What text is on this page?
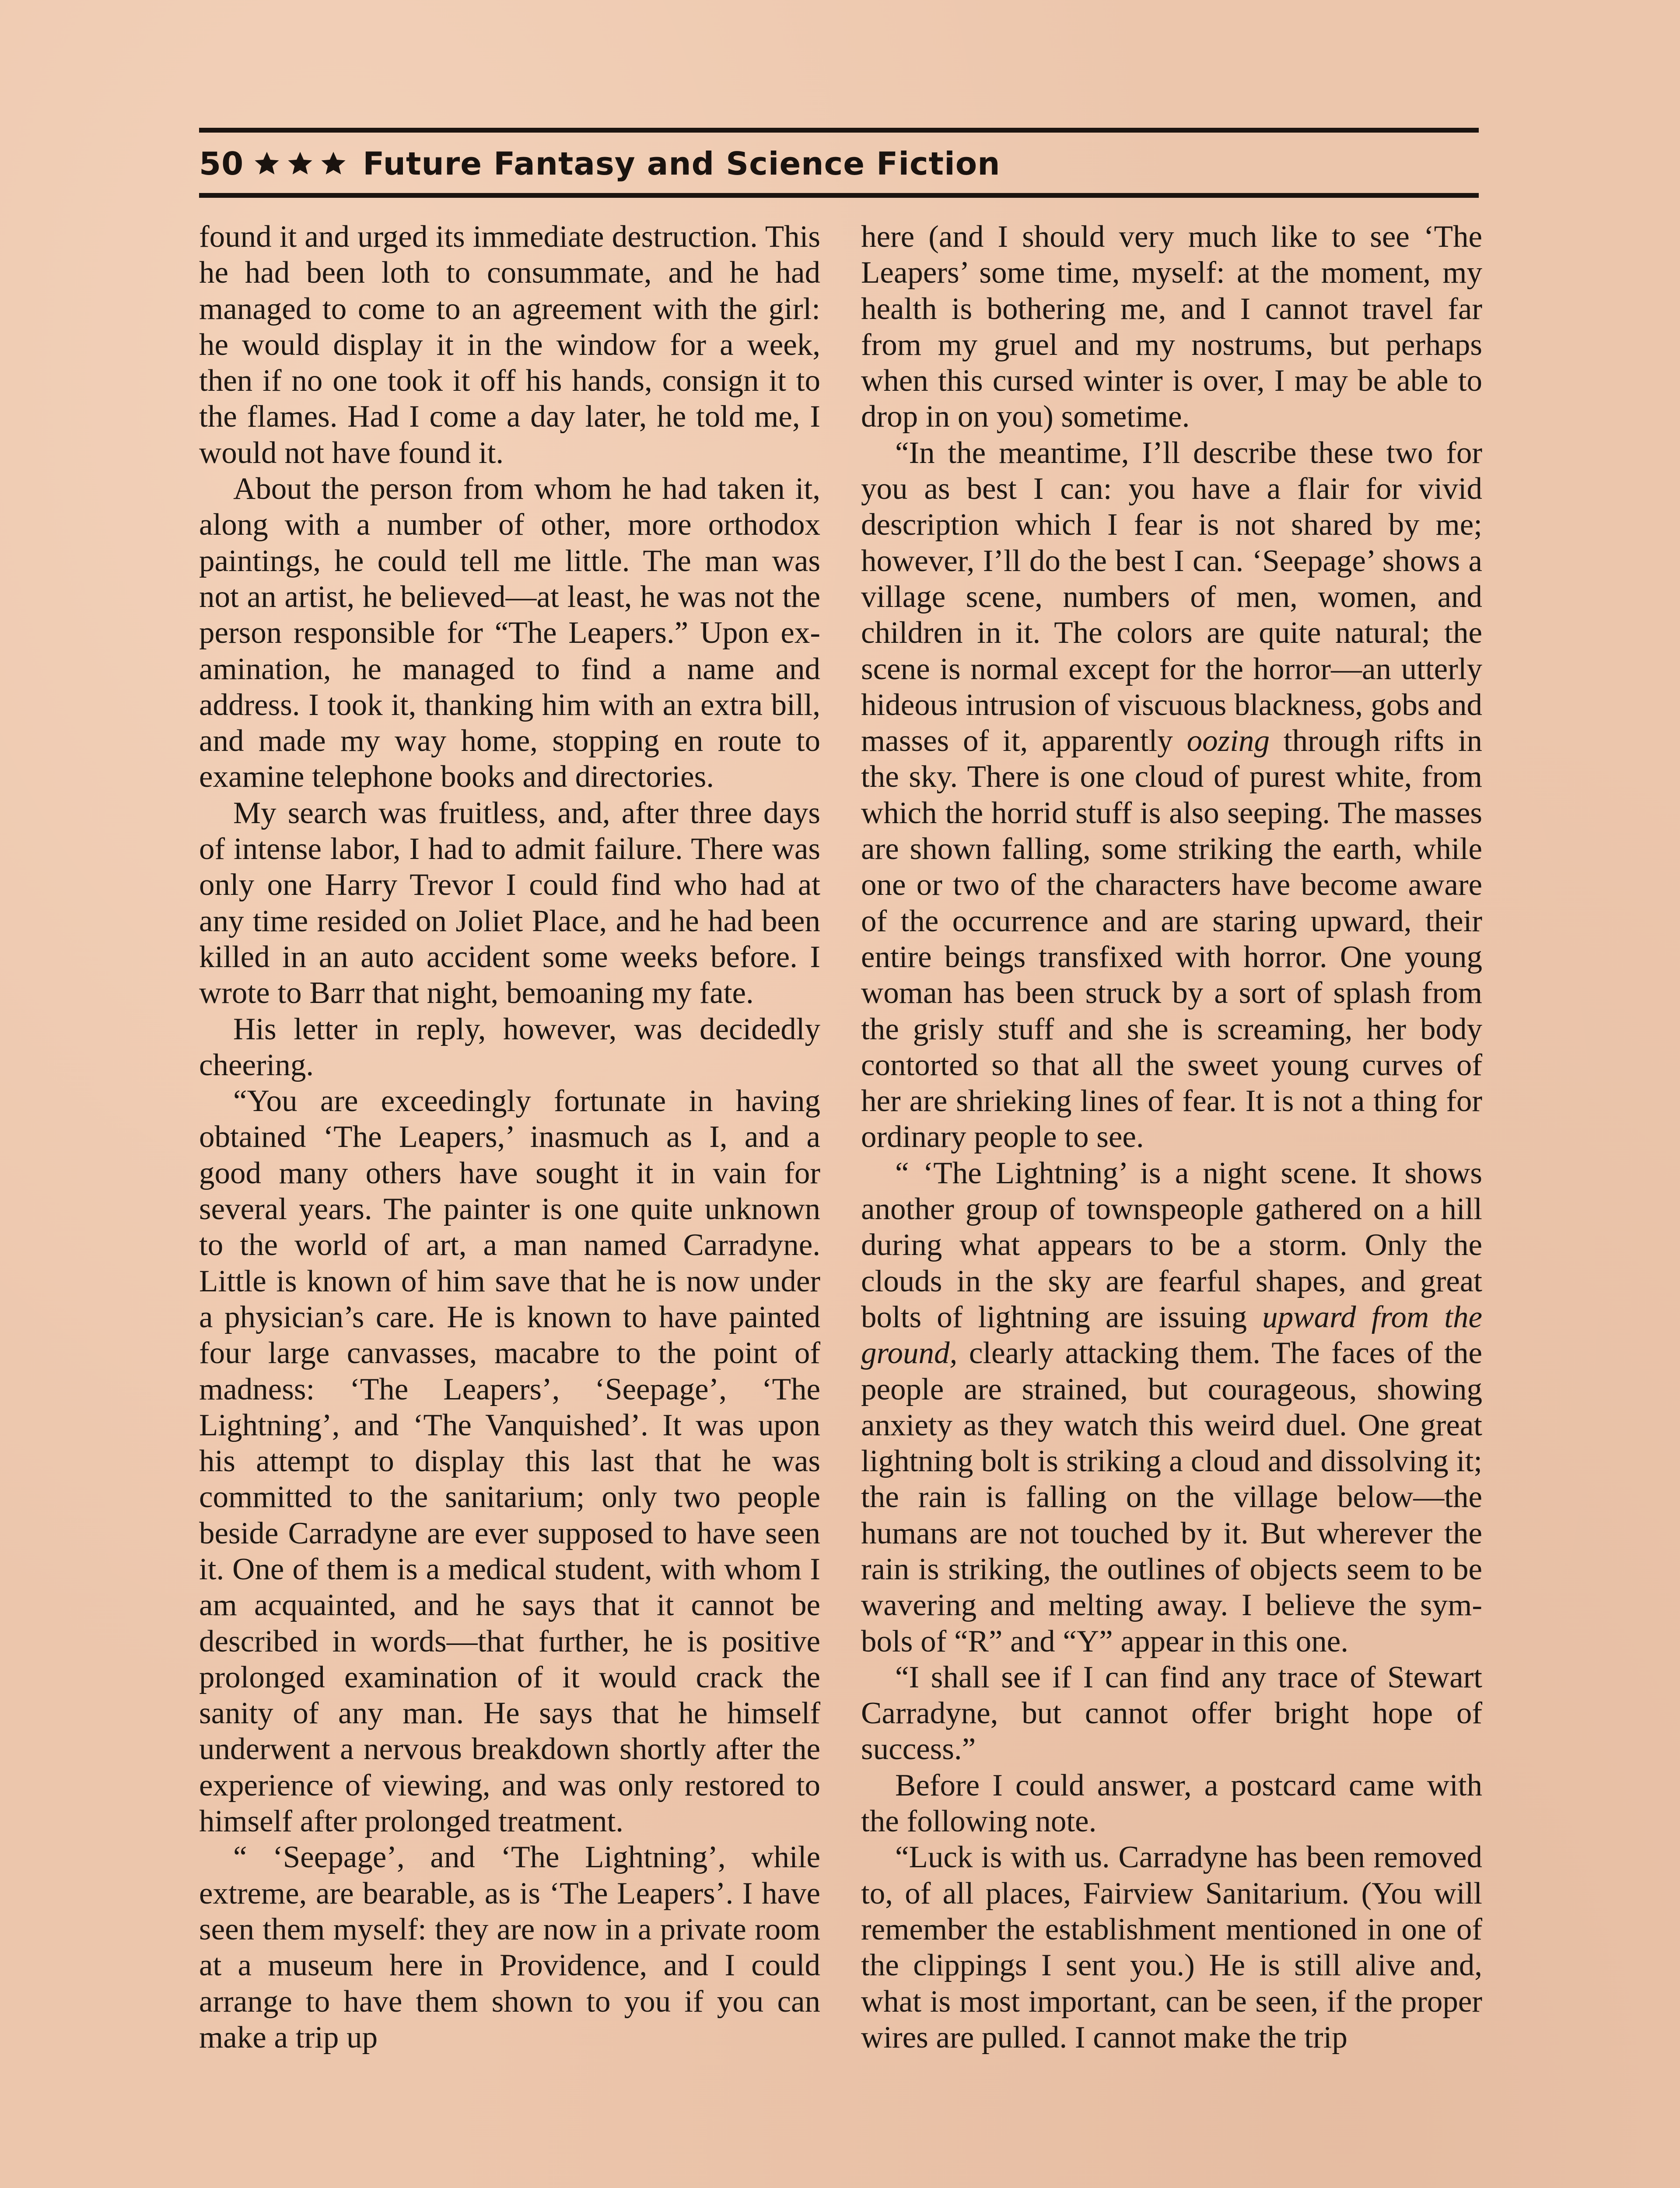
50	Future Fantasy and Science Fiction

found it and urged its immediate destruction. This he had been loth to consummate, and he had managed to come to an agreement with the girl: he would display it in the window for a week, then if no one took it off his hands, consign it to the flames. Had I come a day later, he told me, I would not have found it.

About the person from whom he had taken it, along with a number of other, more orthodox paintings, he could tell me little. The man was not an artist, he believed—at least, he was not the person responsible for “The Leapers.” Upon examination, he managed to find a name and address. I took it, thanking him with an extra bill, and made my way home, stopping en route to examine telephone books and directories.

My search was fruitless, and, after three days of intense labor, I had to admit failure. There was only one Harry Trevor I could find who had at any time resided on Joliet Place, and he had been killed in an auto accident some weeks before. I wrote to Barr that night, bemoaning my fate.

His letter in reply, however, was decidedly cheering.

“You are exceedingly fortunate in having obtained ‘The Leapers,’ inasmuch as I, and a good many others have sought it in vain for several years. The painter is one quite unknown to the world of art, a man named Carradyne. Little is known of him save that he is now under a physician’s care. He is known to have painted four large canvasses, macabre to the point of madness: ‘The Leapers’, ‘Seepage’, ‘The Lightning’, and ‘The Vanquished’. It was upon his attempt to display this last that he was committed to the sanitarium; only two people beside Carradyne are ever supposed to have seen it. One of them is a medical student, with whom I am acquainted, and he says that it cannot be described in words—that further, he is positive prolonged examination of it would crack the sanity of any man. He says that he himself underwent a nervous breakdown shortly after the experience of viewing, and was only restored to himself after prolonged treatment.

“ ‘Seepage’, and ‘The Lightning’, while extreme, are bearable, as is ‘The Leapers’. I have seen them myself: they are now in a private room at a museum here in Providence, and I could arrange to have them shown to you if you can make a trip up

here (and I should very much like to see ‘The Leapers’ some time, myself: at the moment, my health is bothering me, and I cannot travel far from my gruel and my nostrums, but perhaps when this cursed winter is over, I may be able to drop in on you) sometime.

“In the meantime, I’ll describe these two for you as best I can: you have a flair for vivid description which I fear is not shared by me; however, I’ll do the best I can. ‘Seepage’ shows a village scene, numbers of men, women, and children in it. The colors are quite natural; the scene is normal except for the horror—an utterly hideous intrusion of viscuous blackness, gobs and masses of it, apparently oozing through rifts in the sky. There is one cloud of purest white, from which the horrid stuff is also seeping. The masses are shown falling, some striking the earth, while one or two of the characters have become aware of the occurrence and are staring upward, their entire beings transfixed with horror. One young woman has been struck by a sort of splash from the grisly stuff and she is screaming, her body contorted so that all the sweet young curves of her are shrieking lines of fear. It is not a thing for ordinary people to see.

“ ‘The Lightning’ is a night scene. It shows another group of townspeople gathered on a hill during what appears to be a storm. Only the clouds in the sky are fearful shapes, and great bolts of lightning are issuing upward from the ground, clearly attacking them. The faces of the people are strained, but courageous, showing anxiety as they watch this weird duel. One great lightning bolt is striking a cloud and dissolving it; the rain is falling on the village below—the humans are not touched by it. But wherever the rain is striking, the outlines of objects seem to be wavering and melting away. I believe the symbols of “R” and “Y” appear in this one.

“I shall see if I can find any trace of Stewart Carradyne, but cannot offer bright hope of success.”

Before I could answer, a postcard came with the following note.

“Luck is with us. Carradyne has been removed to, of all places, Fairview Sanitarium. (You will remember the establishment mentioned in one of the clippings I sent you.) He is still alive and, what is most important, can be seen, if the proper wires are pulled. I cannot make the trip
